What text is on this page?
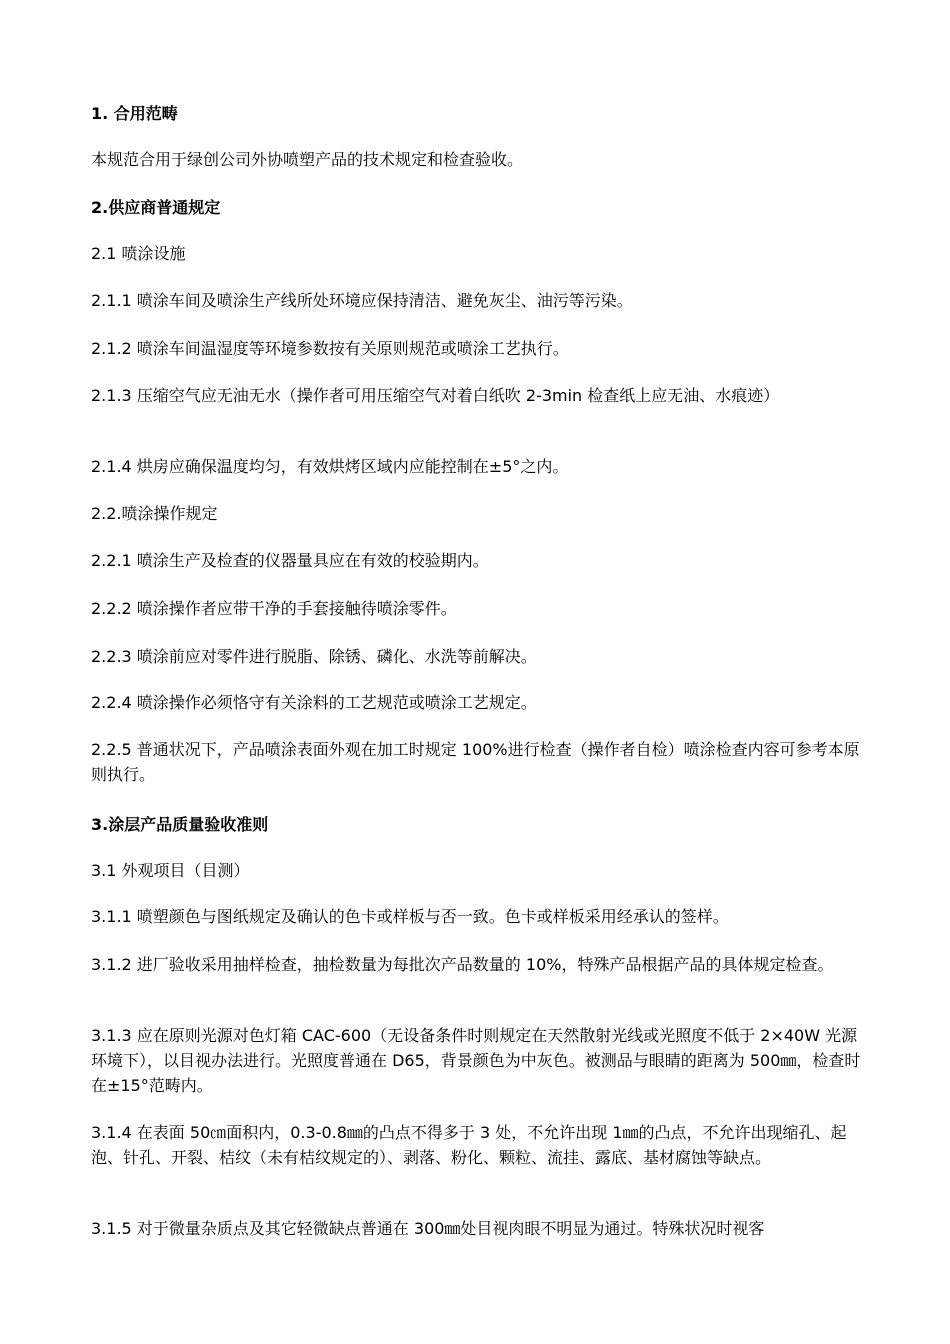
1. 合用范畴

本规范合用于绿创公司外协喷塑产品的技术规定和检查验收。

2.供应商普通规定

2.1 喷涂设施

2.1.1 喷涂车间及喷涂生产线所处环境应保持清洁、避免灰尘、油污等污染。

2.1.2 喷涂车间温湿度等环境参数按有关原则规范或喷涂工艺执行。

2.1.3 压缩空气应无油无水（操作者可用压缩空气对着白纸吹 2-3min 检查纸上应无油、水痕迹）

2.1.4 烘房应确保温度均匀，有效烘烤区域内应能控制在±5°之内。

2.2.喷涂操作规定

2.2.1 喷涂生产及检查的仪器量具应在有效的校验期内。

2.2.2 喷涂操作者应带干净的手套接触待喷涂零件。

2.2.3 喷涂前应对零件进行脱脂、除锈、磷化、水洗等前解决。

2.2.4 喷涂操作必须恪守有关涂料的工艺规范或喷涂工艺规定。

2.2.5 普通状况下，产品喷涂表面外观在加工时规定 100%进行检查（操作者自检）喷涂检查内容可参考本原则执行。

3.涂层产品质量验收准则

3.1 外观项目（目测）

3.1.1 喷塑颜色与图纸规定及确认的色卡或样板与否一致。色卡或样板采用经承认的签样。

3.1.2 进厂验收采用抽样检查，抽检数量为每批次产品数量的 10%，特殊产品根据产品的具体规定检查。

3.1.3 应在原则光源对色灯箱 CAC-600（无设备条件时则规定在天然散射光线或光照度不低于 2×40W 光源环境下），以目视办法进行。光照度普通在 D65，背景颜色为中灰色。被测品与眼睛的距离为 500㎜，检查时在±15°范畴内。

3.1.4 在表面 50㎝面积内，0.3-0.8㎜的凸点不得多于 3 处，不允许出现 1㎜的凸点，不允许出现缩孔、起泡、针孔、开裂、桔纹（未有桔纹规定的）、剥落、粉化、颗粒、流挂、露底、基材腐蚀等缺点。

3.1.5 对于微量杂质点及其它轻微缺点普通在 300㎜处目视肉眼不明显为通过。特殊状况时视客
